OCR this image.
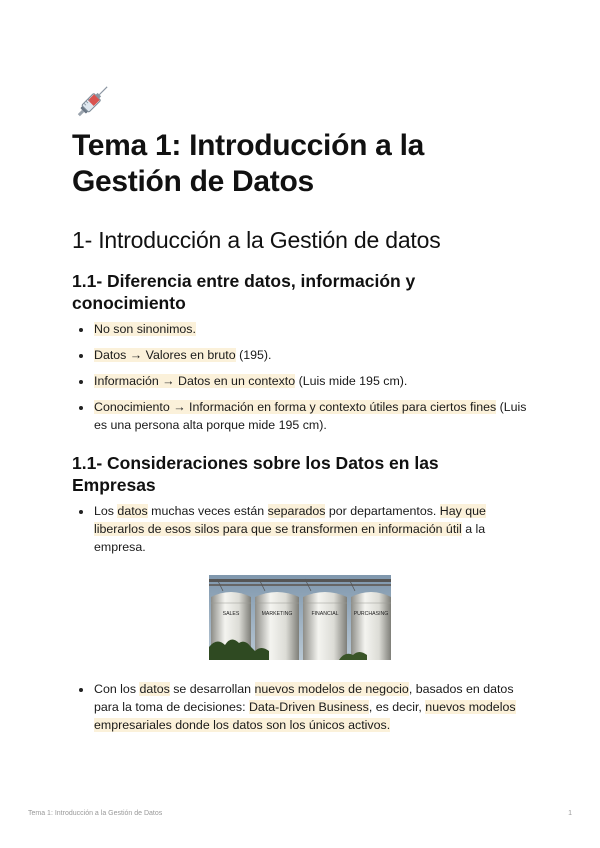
Tema 1: Introducción a la Gestión de Datos
1- Introducción a la Gestión de datos
1.1- Diferencia entre datos, información y conocimiento
No son sinonimos.
Datos → Valores en bruto (195).
Información → Datos en un contexto (Luis mide 195 cm).
Conocimiento → Información en forma y contexto útiles para ciertos fines (Luis es una persona alta porque mide 195 cm).
1.1- Consideraciones sobre los Datos en las Empresas
Los datos muchas veces están separados por departamentos. Hay que liberarlos de esos silos para que se transformen en información útil a la empresa.
SALES	MARKETING	FINANCIAL	PURCHASING
Con los datos se desarrollan nuevos modelos de negocio, basados en datos para la toma de decisiones: Data-Driven Business, es decir, nuevos modelos empresariales donde los datos son los únicos activos.
Tema 1: Introducción a la Gestión de Datos	1
